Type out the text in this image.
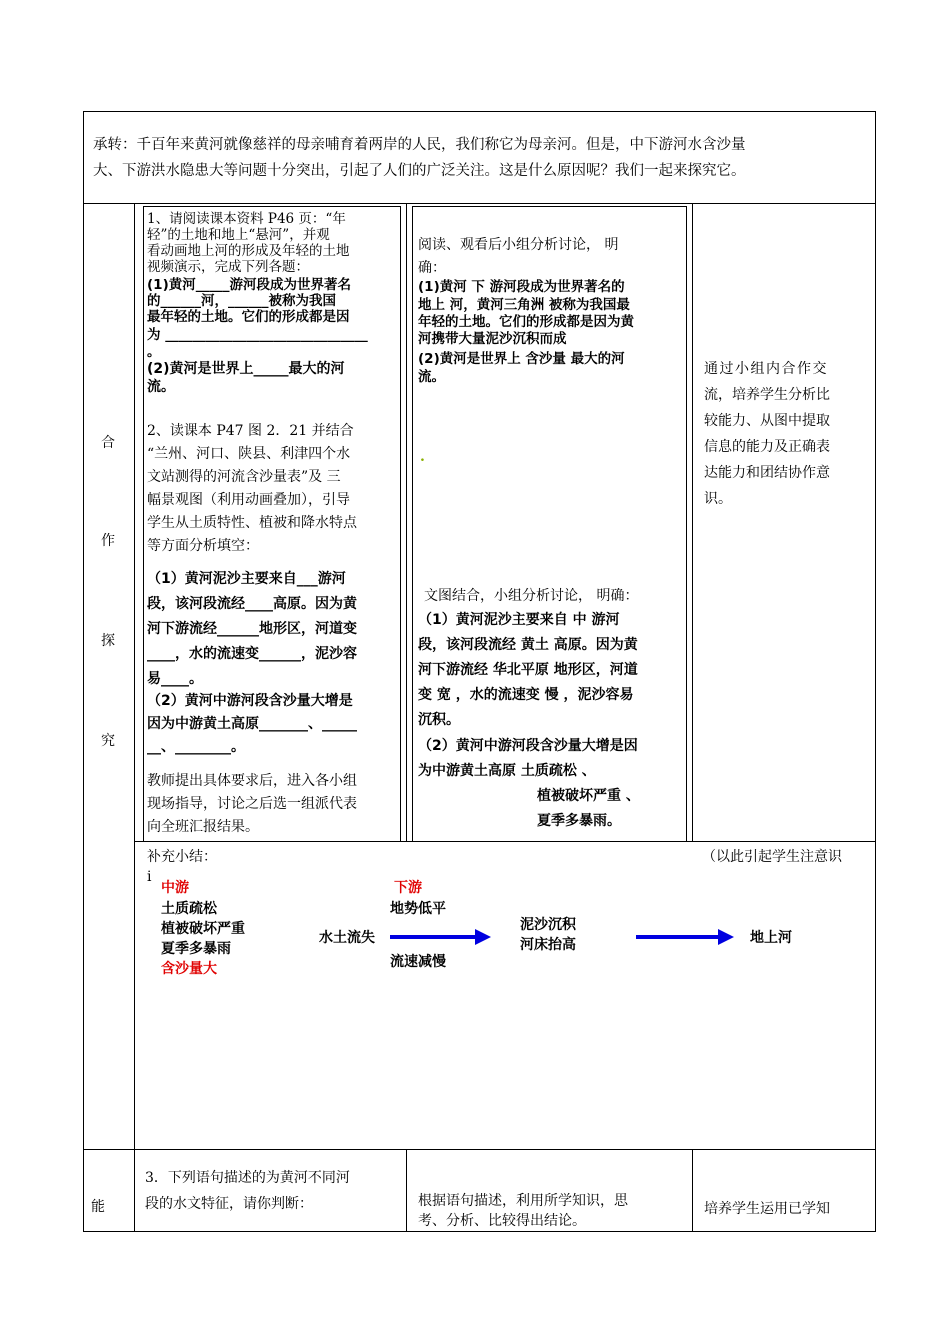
承转：千百年来黄河就像慈祥的母亲哺育着两岸的人民，我们称它为母亲河。但是，中下游河水含沙量
大、下游洪水隐患大等问题十分突出，引起了人们的广泛关注。这是什么原因呢？我们一起来探究它。
合
作
探
究
1、请阅读课本资料 P46 页：“年
轻”的土地和地上“悬河”，并观
看动画地上河的形成及年轻的土地
视频演示，完成下列各题：
(1)黄河_____游河段成为世界著名
的______河，______被称为我国
最年轻的土地。它们的形成都是因
为 ______________________________
。
(2)黄河是世界上_____最大的河
流。
2、读课本 P47 图 2．21 并结合
“兰州、河口、陕县、利津四个水
文站测得的河流含沙量表”及 三
幅景观图（利用动画叠加），引导
学生从土质特性、植被和降水特点
等方面分析填空：
（1）黄河泥沙主要来自___游河
段，该河段流经____高原。因为黄
河下游流经______地形区，河道变
____，水的流速变______，泥沙容
易____。
（2）黄河中游河段含沙量大增是
因为中游黄土高原_______、_____
__、________。
教师提出具体要求后，进入各小组
现场指导，讨论之后选一组派代表
向全班汇报结果。
阅读、观看后小组分析讨论， 明
确：
(1)黄河 下 游河段成为世界著名的
地上 河，黄河三角洲 被称为我国最
年轻的土地。它们的形成都是因为黄
河携带大量泥沙沉积而成
(2)黄河是世界上 含沙量 最大的河
流。
.
文图结合，小组分析讨论， 明确：
（1）黄河泥沙主要来自 中 游河
段，该河段流经 黄土 高原。因为黄
河下游流经 华北平原 地形区，河道
变 宽 ，水的流速变 慢 ，泥沙容易
沉积。
（2）黄河中游河段含沙量大增是因
为中游黄土高原 土质疏松 、
植被破坏严重 、
夏季多暴雨。
通过小组内合作交
流，培养学生分析比
较能力、从图中提取
信息的能力及正确表
达能力和团结协作意
识。
补充小结：
i
（以此引起学生注意识
中游
土质疏松
植被破坏严重
夏季多暴雨
含沙量大
水土流失
下游
地势低平
流速减慢
泥沙沉积
河床抬高	地上河
能
3．下列语句描述的为黄河不同河
段的水文特征，请你判断：	根据语句描述，利用所学知识，思
考、分析、比较得出结论。
培养学生运用已学知
